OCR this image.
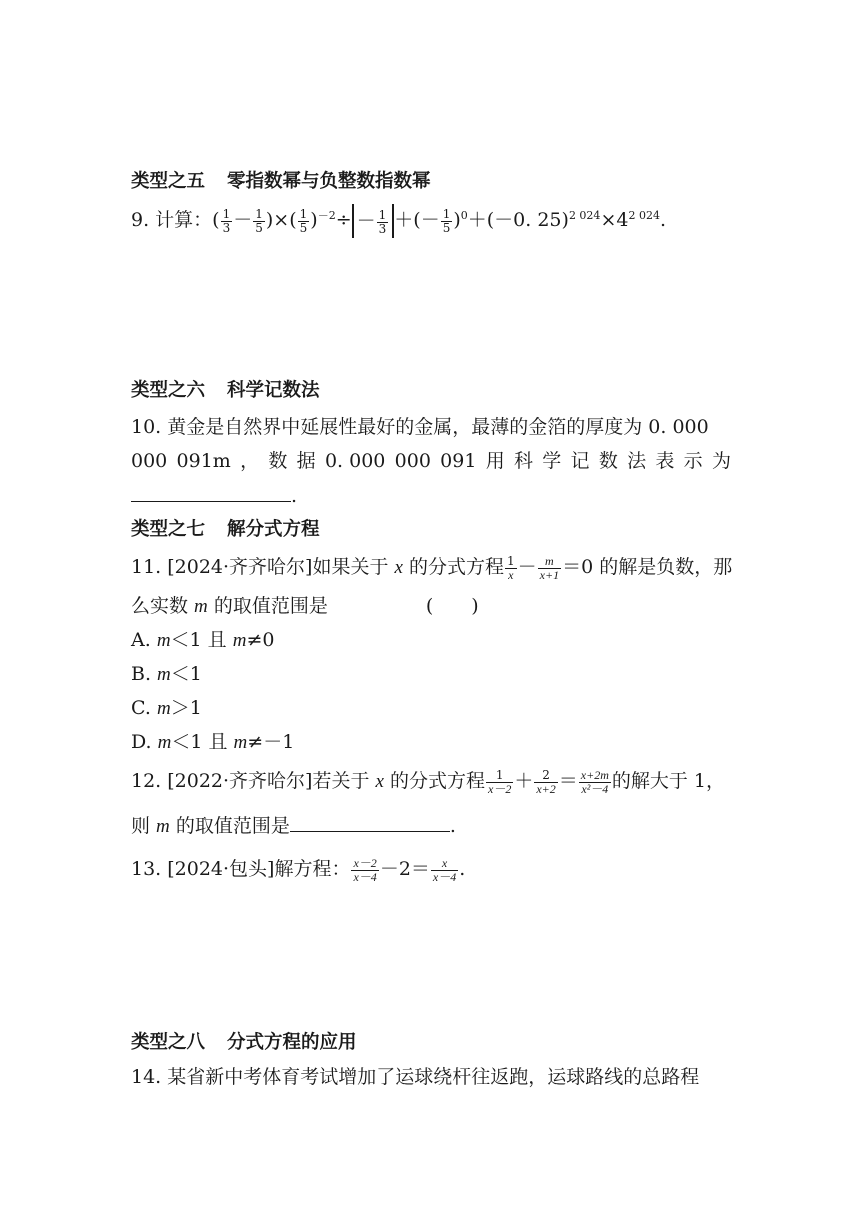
类型之五 零指数幂与负整数指数幂
9. 计算：( $\frac{1}{3} - \frac{1}{5}$ )×( $\frac{1}{5} )^{-2}\div - \frac{1}{3}$ ＋(－ $\frac{1}{5} )^0+(-0$. $25)^{2 024}\times 4^{2 024}$.
类型之六 科学记数法
10. 黄金是自然界中延展性最好的金属，最薄的金箔的厚度为 0. 000
000 091m ， 数 据 0. 000 000 091 用 科 学 记 数 法 表 示 为
.
类型之七 解分式方程
11. [2024·齐齐哈尔]如果关于 x 的分式方程 $\frac{1}{x} - \frac{m}{x+1} =0$ 的解是负数，那
么实数 m 的取值范围是	(　　)
A. m＜1 且 m≠0
B. m＜1
C. m＞1
D. m＜1 且 m≠－1
12. [2022·齐齐哈尔]若关于 x 的分式方程 $\frac{1}{x-2} + \frac{2}{x+2} = \frac{x+2m}{\text{x²－4}}$ 的解大于 1，
则 m 的取值范围是	.
13. [2024·包头]解方程： $\frac{x-2}{x-4} -2= \frac{x}{x-4}$ .
类型之八 分式方程的应用
14. 某省新中考体育考试增加了运球绕杆往返跑，运球路线的总路程
